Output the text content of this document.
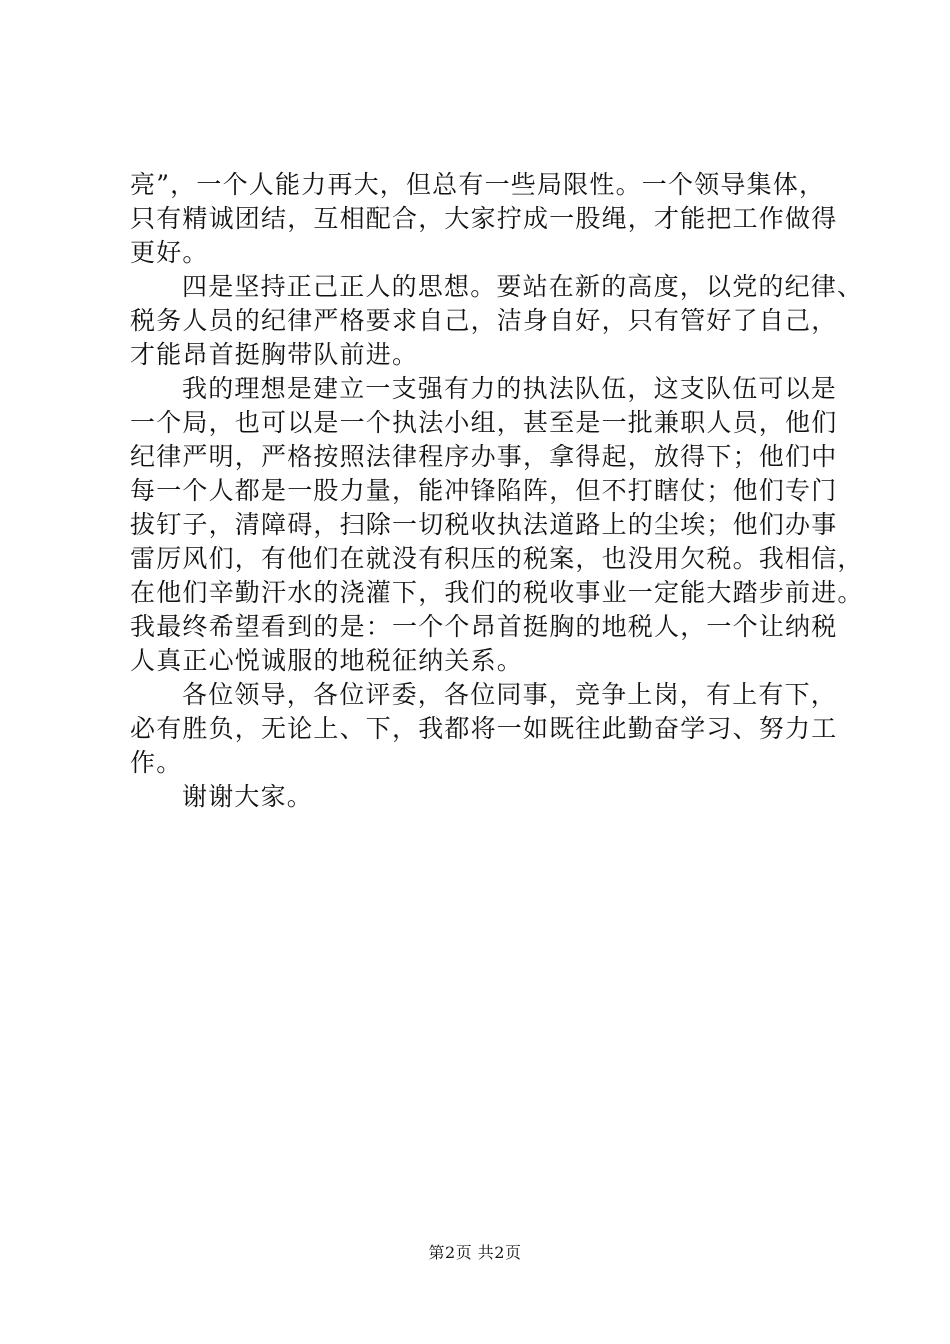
亮”，一个人能力再大，但总有一些局限性。一个领导集体，
只有精诚团结，互相配合，大家拧成一股绳，才能把工作做得
更好。
四是坚持正己正人的思想。要站在新的高度，以党的纪律、
税务人员的纪律严格要求自己，洁身自好，只有管好了自己，
才能昂首挺胸带队前进。
我的理想是建立一支强有力的执法队伍，这支队伍可以是
一个局，也可以是一个执法小组，甚至是一批兼职人员，他们
纪律严明，严格按照法律程序办事，拿得起，放得下；他们中
每一个人都是一股力量，能冲锋陷阵，但不打瞎仗；他们专门
拔钉子，清障碍，扫除一切税收执法道路上的尘埃；他们办事
雷厉风们，有他们在就没有积压的税案，也没用欠税。我相信，
在他们辛勤汗水的浇灌下，我们的税收事业一定能大踏步前进。
我最终希望看到的是：一个个昂首挺胸的地税人，一个让纳税
人真正心悦诚服的地税征纳关系。
各位领导，各位评委，各位同事，竞争上岗，有上有下，
必有胜负，无论上、下，我都将一如既往此勤奋学习、努力工
作。
谢谢大家。
第2页 共2页
